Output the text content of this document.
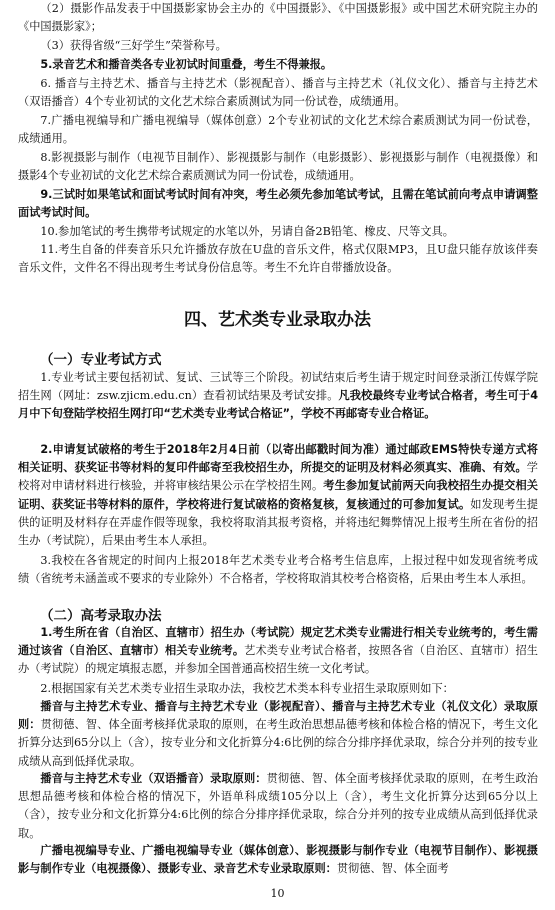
（2）摄影作品发表于中国摄影家协会主办的《中国摄影》、《中国摄影报》或中国艺术研究院主办的《中国摄影家》；

（3）获得省级“三好学生”荣誉称号。

5.录音艺术和播音类各专业初试时间重叠，考生不得兼报。

6. 播音与主持艺术、播音与主持艺术（影视配音）、播音与主持艺术（礼仪文化）、播音与主持艺术（双语播音）4个专业初试的文化艺术综合素质测试为同一份试卷，成绩通用。

7.广播电视编导和广播电视编导（媒体创意）2个专业初试的文化艺术综合素质测试为同一份试卷，成绩通用。

8.影视摄影与制作（电视节目制作）、影视摄影与制作（电影摄影）、影视摄影与制作（电视摄像）和摄影4个专业初试的文化艺术综合素质测试为同一份试卷，成绩通用。

9.三试时如果笔试和面试考试时间有冲突，考生必须先参加笔试考试，且需在笔试前向考点申请调整面试考试时间。

10.参加笔试的考生携带考试规定的水笔以外，另请自备2B铅笔、橡皮、尺等文具。

11.考生自备的伴奏音乐只允许播放存放在U盘的音乐文件，格式仅限MP3，且U盘只能存放该伴奏音乐文件，文件名不得出现考生考试身份信息等。考生不允许自带播放设备。

四、艺术类专业录取办法
（一）专业考试方式

1.专业考试主要包括初试、复试、三试等三个阶段。初试结束后考生请于规定时间登录浙江传媒学院招生网（网址：zsw.zjicm.edu.cn）查看初试结果及考试安排。凡我校最终专业考试合格者，考生可于4月中下旬登陆学校招生网打印“艺术类专业考试合格证”，学校不再邮寄专业合格证。

2.申请复试破格的考生于2018年2月4日前（以寄出邮戳时间为准）通过邮政EMS特快专递方式将相关证明、获奖证书等材料的复印件邮寄至我校招生办，所提交的证明及材料必须真实、准确、有效。学校将对申请材料进行核验，并将审核结果公示在学校招生网。考生参加复试前两天向我校招生办提交相关证明、获奖证书等材料的原件，学校将进行复试破格的资格复核，复核通过的可参加复试。如发现考生提供的证明及材料存在弄虚作假等现象，我校将取消其报考资格，并将违纪舞弊情况上报考生所在省份的招生办（考试院），后果由考生本人承担。

3.我校在各省规定的时间内上报2018年艺术类专业考合格考生信息库，上报过程中如发现省统考成绩（省统考未涵盖或不要求的专业除外）不合格者，学校将取消其校考合格资格，后果由考生本人承担。

（二）高考录取办法

1.考生所在省（自治区、直辖市）招生办（考试院）规定艺术类专业需进行相关专业统考的，考生需通过该省（自治区、直辖市）相关专业统考。艺术类专业考试合格者，按照各省（自治区、直辖市）招生办（考试院）的规定填报志愿，并参加全国普通高校招生统一文化考试。

2.根据国家有关艺术类专业招生录取办法，我校艺术类本科专业招生录取原则如下：

播音与主持艺术专业、播音与主持艺术专业（影视配音）、播音与主持艺术专业（礼仪文化）录取原则：贯彻德、智、体全面考核择优录取的原则，在考生政治思想品德考核和体检合格的情况下，考生文化折算分达到65分以上（含），按专业分和文化折算分4:6比例的综合分排序择优录取，综合分并列的按专业成绩从高到低择优录取。

播音与主持艺术专业（双语播音）录取原则：贯彻德、智、体全面考核择优录取的原则，在考生政治思想品德考核和体检合格的情况下，外语单科成绩105分以上（含），考生文化折算分达到65分以上（含），按专业分和文化折算分4:6比例的综合分排序择优录取，综合分并列的按专业成绩从高到低择优录取。

广播电视编导专业、广播电视编导专业（媒体创意）、影视摄影与制作专业（电视节目制作）、影视摄影与制作专业（电视摄像）、摄影专业、录音艺术专业录取原则：贯彻德、智、体全面考

10
